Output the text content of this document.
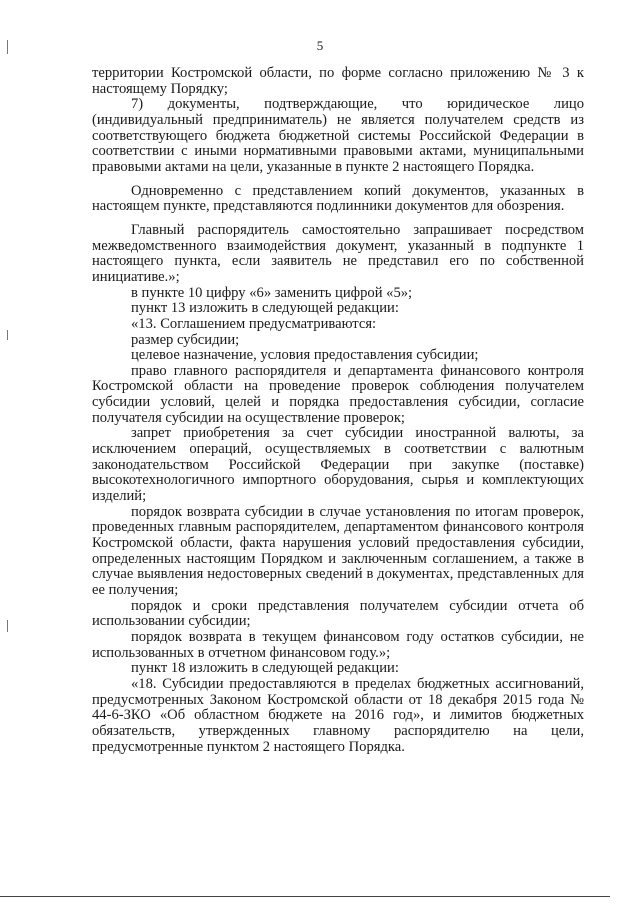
5

территории Костромской области, по форме согласно приложению № 3 к настоящему Порядку;

7) документы, подтверждающие, что юридическое лицо (индивидуальный предприниматель) не является получателем средств из соответствующего бюджета бюджетной системы Российской Федерации в соответствии с иными нормативными правовыми актами, муниципальными правовыми актами на цели, указанные в пункте 2 настоящего Порядка.

Одновременно с представлением копий документов, указанных в настоящем пункте, представляются подлинники документов для обозрения.

Главный распорядитель самостоятельно запрашивает посредством межведомственного взаимодействия документ, указанный в подпункте 1 настоящего пункта, если заявитель не представил его по собственной инициативе.»;

в пункте 10 цифру «6» заменить цифрой «5»;

пункт 13 изложить в следующей редакции:

«13. Соглашением предусматриваются:

размер субсидии;

целевое назначение, условия предоставления субсидии;

право главного распорядителя и департамента финансового контроля Костромской области на проведение проверок соблюдения получателем субсидии условий, целей и порядка предоставления субсидии, согласие получателя субсидии на осуществление проверок;

запрет приобретения за счет субсидии иностранной валюты, за исключением операций, осуществляемых в соответствии с валютным законодательством Российской Федерации при закупке (поставке) высокотехнологичного импортного оборудования, сырья и комплектующих изделий;

порядок возврата субсидии в случае установления по итогам проверок, проведенных главным распорядителем, департаментом финансового контроля Костромской области, факта нарушения условий предоставления субсидии, определенных настоящим Порядком и заключенным соглашением, а также в случае выявления недостоверных сведений в документах, представленных для ее получения;

порядок и сроки представления получателем субсидии отчета об использовании субсидии;

порядок возврата в текущем финансовом году остатков субсидии, не использованных в отчетном финансовом году.»;

пункт 18 изложить в следующей редакции:

«18. Субсидии предоставляются в пределах бюджетных ассигнований, предусмотренных Законом Костромской области от 18 декабря 2015 года № 44-6-ЗКО «Об областном бюджете на 2016 год», и лимитов бюджетных обязательств, утвержденных главному распорядителю на цели, предусмотренные пунктом 2 настоящего Порядка.
